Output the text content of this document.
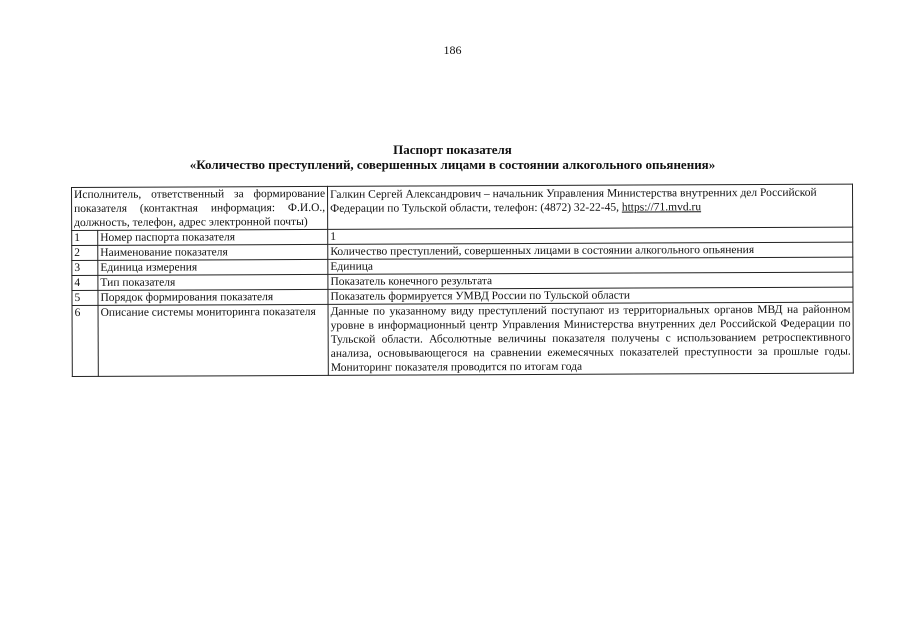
186
Паспорт показателя
«Количество преступлений, совершенных лицами в состоянии алкогольного опьянения»
Исполнитель, ответственный за формирование показателя (контактная информация: Ф.И.О., должность, телефон, адрес электронной почты)		Галкин Сергей Александрович – начальник Управления Министерства внутренних дел Российской Федерации по Тульской области, телефон: (4872) 32-22-45, https://71.mvd.ru
1	Номер паспорта показателя	1
2	Наименование показателя	Количество преступлений, совершенных лицами в состоянии алкогольного опьянения
3	Единица измерения	Единица
4	Тип показателя	Показатель конечного результата
5	Порядок формирования показателя	Показатель формируется УМВД России по Тульской области
6	Описание системы мониторинга показателя	Данные по указанному виду преступлений поступают из территориальных органов МВД на районном уровне в информационный центр Управления Министерства внутренних дел Российской Федерации по Тульской области. Абсолютные величины показателя получены с использованием ретроспективного анализа, основывающегося на сравнении ежемесячных показателей преступности за прошлые годы. Мониторинг показателя проводится по итогам года
